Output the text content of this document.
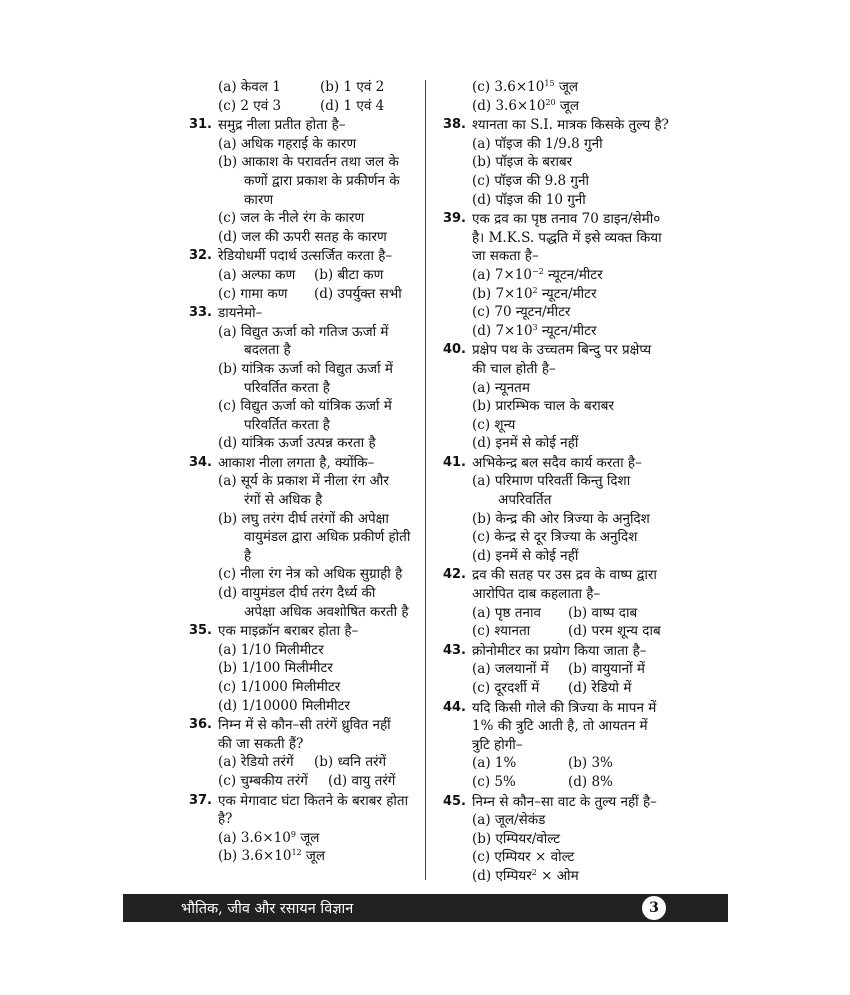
(a) केवल 1	(b) 1 एवं 2
(c) 2 एवं 3	(d) 1 एवं 4
31. समुद्र नीला प्रतीत होता है–
(a) अधिक गहराई के कारण
(b) आकाश के परावर्तन तथा जल के
कणों द्वारा प्रकाश के प्रकीर्णन के
कारण
(c) जल के नीले रंग के कारण
(d) जल की ऊपरी सतह के कारण
32. रेडियोधर्मी पदार्थ उत्सर्जित करता है–
(a) अल्फा कण	(b) बीटा कण
(c) गामा कण	(d) उपर्युक्त सभी
33. डायनेमो–
(a) विद्युत ऊर्जा को गतिज ऊर्जा में
बदलता है
(b) यांत्रिक ऊर्जा को विद्युत ऊर्जा में
परिवर्तित करता है
(c) विद्युत ऊर्जा को यांत्रिक ऊर्जा में
परिवर्तित करता है
(d) यांत्रिक ऊर्जा उत्पन्न करता है
34. आकाश नीला लगता है, क्योंकि–
(a) सूर्य के प्रकाश में नीला रंग और
रंगों से अधिक है
(b) लघु तरंग दीर्घ तरंगों की अपेक्षा
वायुमंडल द्वारा अधिक प्रकीर्ण होती
है
(c) नीला रंग नेत्र को अधिक सुग्राही है
(d) वायुमंडल दीर्घ तरंग दैर्ध्य की
अपेक्षा अधिक अवशोषित करती है
35. एक माइक्रॉन बराबर होता है–
(a) 1/10 मिलीमीटर
(b) 1/100 मिलीमीटर
(c) 1/1000 मिलीमीटर
(d) 1/10000 मिलीमीटर
36. निम्न में से कौन–सी तरंगें ध्रुवित नहीं
की जा सकती हैं?
(a) रेडियो तरंगें	(b) ध्वनि तरंगें
(c) चुम्बकीय तरंगें	(d) वायु तरंगें
37. एक मेगावाट घंटा कितने के बराबर होता
है?
(a) $3.6\times 10^9$ जूल
(b) $3.6\times 10^{12}$ जूल
(c) $3.6\times 10^{15}$ जूल
(d) $3.6\times 10^{20}$ जूल
38. श्यानता का S.I. मात्रक किसके तुल्य है?
(a) पॉइज की 1/9.8 गुनी
(b) पॉइज के बराबर
(c) पॉइज की 9.8 गुनी
(d) पॉइज की 10 गुनी
39. एक द्रव का पृष्ठ तनाव 70 डाइन/सेमी०
है। M.K.S. पद्धति में इसे व्यक्त किया
जा सकता है–
(a) $7\times 10^{-2}$ न्यूटन/मीटर
(b) $7\times 10^2$ न्यूटन/मीटर
(c) 70 न्यूटन/मीटर
(d) $7\times 10^3$ न्यूटन/मीटर
40. प्रक्षेप पथ के उच्चतम बिन्दु पर प्रक्षेप्य
की चाल होती है–
(a) न्यूनतम
(b) प्रारम्भिक चाल के बराबर
(c) शून्य
(d) इनमें से कोई नहीं
41. अभिकेन्द्र बल सदैव कार्य करता है–
(a) परिमाण परिवर्ती किन्तु दिशा
अपरिवर्तित
(b) केन्द्र की ओर त्रिज्या के अनुदिश
(c) केन्द्र से दूर त्रिज्या के अनुदिश
(d) इनमें से कोई नहीं
42. द्रव की सतह पर उस द्रव के वाष्प द्वारा
आरोपित दाब कहलाता है–
(a) पृष्ठ तनाव	(b) वाष्प दाब
(c) श्यानता	(d) परम शून्य दाब
43. क्रोनोमीटर का प्रयोग किया जाता है–
(a) जलयानों में	(b) वायुयानों में
(c) दूरदर्शी में	(d) रेडियो में
44. यदि किसी गोले की त्रिज्या के मापन में
1% की त्रुटि आती है, तो आयतन में
त्रुटि होगी–
(a) 1%	(b) 3%
(c) 5%	(d) 8%
45. निम्न से कौन–सा वाट के तुल्य नहीं है–
(a) जूल/सेकंड
(b) एम्पियर/वोल्ट
(c) एम्पियर × वोल्ट
(d) एम्पियर$^2$ × ओम
भौतिक, जीव और रसायन विज्ञान	3
